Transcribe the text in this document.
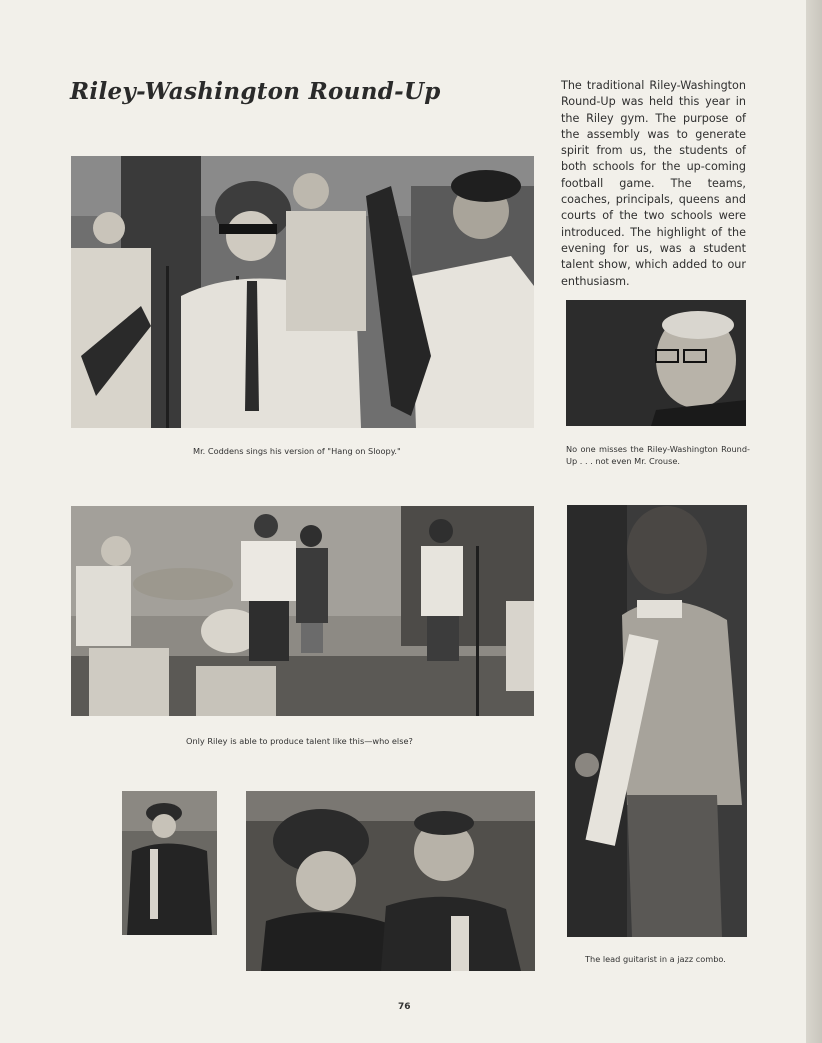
Riley-Washington Round-Up	The traditional Riley-Washington Round-Up was held this year in the Riley gym. The purpose of the assembly was to generate spirit from us, the students of both schools for the up-coming football game. The teams, coaches, principals, queens and courts of the two schools were introduced. The highlight of the evening for us, was a student talent show, which added to our enthusiasm.
Mr. Coddens sings his version of "Hang on Sloopy."	No one misses the Riley-Washington Round-Up . . . not even Mr. Crouse.
Only Riley is able to produce talent like this—who else?
The lead guitarist in a jazz combo.
76
